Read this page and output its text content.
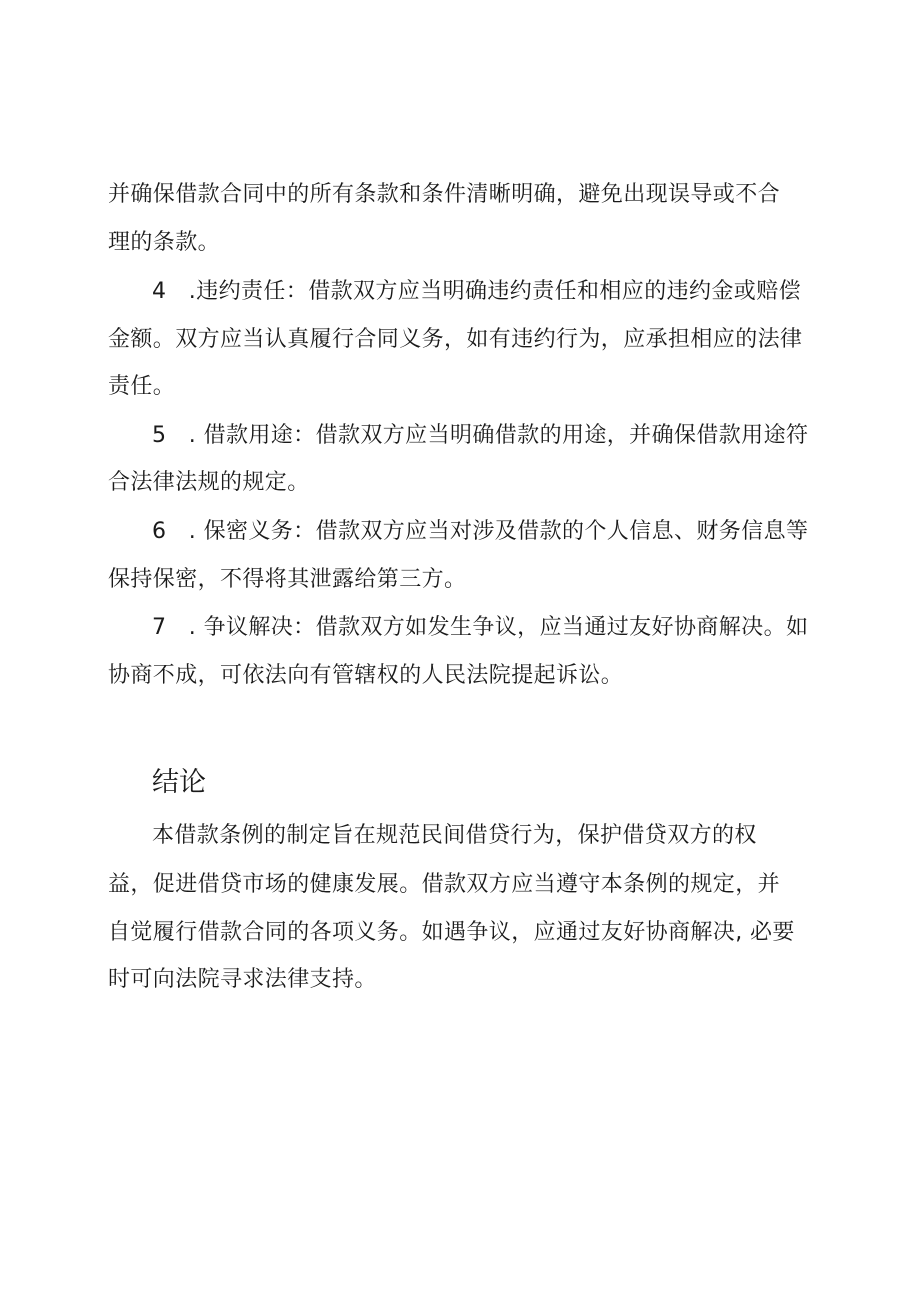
并确保借款合同中的所有条款和条件清晰明确，避免出现误导或不合
理的条款。
4 .违约责任：借款双方应当明确违约责任和相应的违约金或赔偿
金额。双方应当认真履行合同义务，如有违约行为，应承担相应的法律
责任。
5 . 借款用途：借款双方应当明确借款的用途，并确保借款用途符
合法律法规的规定。
6 . 保密义务：借款双方应当对涉及借款的个人信息、财务信息等
保持保密，不得将其泄露给第三方。
7 . 争议解决：借款双方如发生争议，应当通过友好协商解决。如
协商不成，可依法向有管辖权的人民法院提起诉讼。
结论
本借款条例的制定旨在规范民间借贷行为，保护借贷双方的权
益，促进借贷市场的健康发展。借款双方应当遵守本条例的规定，并
自觉履行借款合同的各项义务。如遇争议，应通过友好协商解决, 必要
时可向法院寻求法律支持。
